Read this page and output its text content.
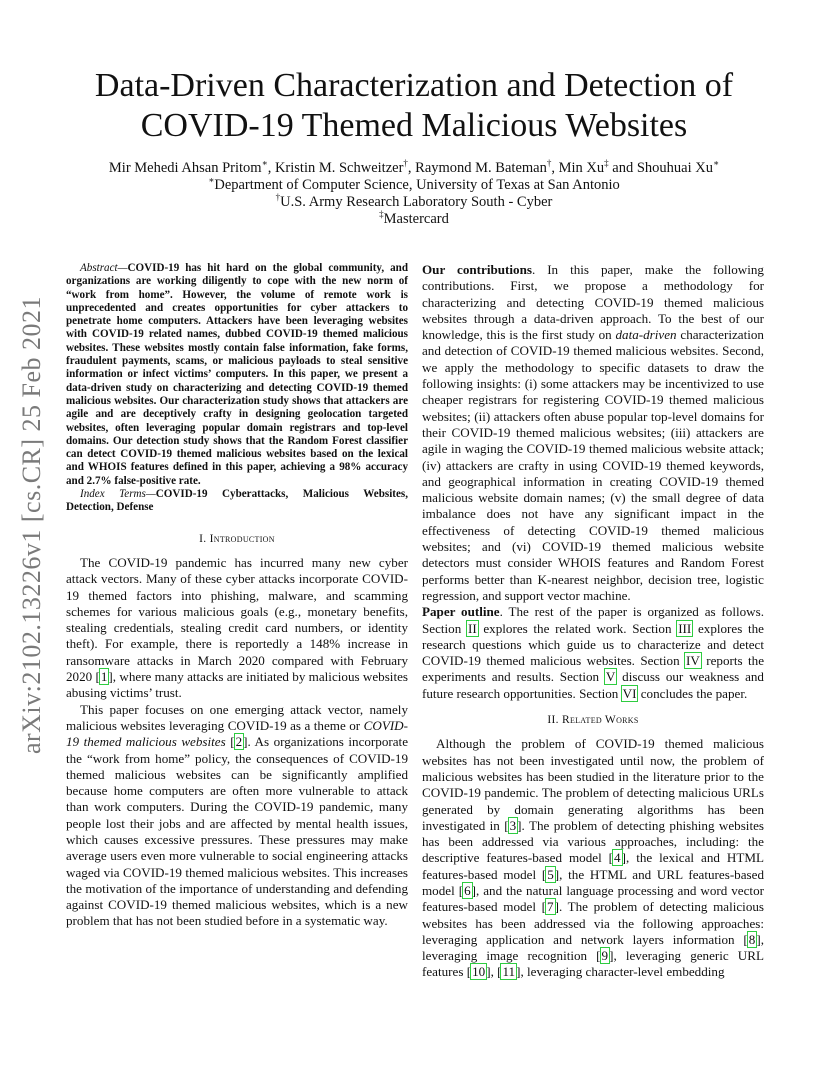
arXiv:2102.13226v1 [cs.CR] 25 Feb 2021
Data-Driven Characterization and Detection of COVID-19 Themed Malicious Websites
Mir Mehedi Ahsan Pritom∗, Kristin M. Schweitzer†, Raymond M. Bateman†, Min Xu‡ and Shouhuai Xu∗
∗Department of Computer Science, University of Texas at San Antonio
†U.S. Army Research Laboratory South - Cyber
‡Mastercard

Abstract—COVID-19 has hit hard on the global community, and organizations are working diligently to cope with the new norm of “work from home”. However, the volume of remote work is unprecedented and creates opportunities for cyber attackers to penetrate home computers. Attackers have been leveraging websites with COVID-19 related names, dubbed COVID-19 themed malicious websites. These websites mostly contain false information, fake forms, fraudulent payments, scams, or malicious payloads to steal sensitive information or infect victims’ computers. In this paper, we present a data-driven study on characterizing and detecting COVID-19 themed malicious websites. Our characterization study shows that attackers are agile and are deceptively crafty in designing geolocation targeted websites, often leveraging popular domain registrars and top-level domains. Our detection study shows that the Random Forest classifier can detect COVID-19 themed malicious websites based on the lexical and WHOIS features defined in this paper, achieving a 98% accuracy and 2.7% false-positive rate.

Index Terms—COVID-19 Cyberattacks, Malicious Websites, Detection, Defense

I. Introduction

The COVID-19 pandemic has incurred many new cyber attack vectors. Many of these cyber attacks incorporate COVID-19 themed factors into phishing, malware, and scamming schemes for various malicious goals (e.g., monetary benefits, stealing credentials, stealing credit card numbers, or identity theft). For example, there is reportedly a 148% increase in ransomware attacks in March 2020 compared with February 2020 [1], where many attacks are initiated by malicious websites abusing victims’ trust.

This paper focuses on one emerging attack vector, namely malicious websites leveraging COVID-19 as a theme or COVID-19 themed malicious websites [2]. As organizations incorporate the “work from home” policy, the consequences of COVID-19 themed malicious websites can be significantly amplified because home computers are often more vulnerable to attack than work computers. During the COVID-19 pandemic, many people lost their jobs and are affected by mental health issues, which causes excessive pressures. These pressures may make average users even more vulnerable to social engineering attacks waged via COVID-19 themed malicious websites. This increases the motivation of the importance of understanding and defending against COVID-19 themed malicious websites, which is a new problem that has not been studied before in a systematic way.

Our contributions. In this paper, make the following contributions. First, we propose a methodology for characterizing and detecting COVID-19 themed malicious websites through a data-driven approach. To the best of our knowledge, this is the first study on data-driven characterization and detection of COVID-19 themed malicious websites. Second, we apply the methodology to specific datasets to draw the following insights: (i) some attackers may be incentivized to use cheaper registrars for registering COVID-19 themed malicious websites; (ii) attackers often abuse popular top-level domains for their COVID-19 themed malicious websites; (iii) attackers are agile in waging the COVID-19 themed malicious website attack; (iv) attackers are crafty in using COVID-19 themed keywords, and geographical information in creating COVID-19 themed malicious website domain names; (v) the small degree of data imbalance does not have any significant impact in the effectiveness of detecting COVID-19 themed malicious websites; and (vi) COVID-19 themed malicious website detectors must consider WHOIS features and Random Forest performs better than K-nearest neighbor, decision tree, logistic regression, and support vector machine.

Paper outline. The rest of the paper is organized as follows. Section II explores the related work. Section III explores the research questions which guide us to characterize and detect COVID-19 themed malicious websites. Section IV reports the experiments and results. Section V discuss our weakness and future research opportunities. Section VI concludes the paper.

II. Related Works

Although the problem of COVID-19 themed malicious websites has not been investigated until now, the problem of malicious websites has been studied in the literature prior to the COVID-19 pandemic. The problem of detecting malicious URLs generated by domain generating algorithms has been investigated in [3]. The problem of detecting phishing websites has been addressed via various approaches, including: the descriptive features-based model [4], the lexical and HTML features-based model [5], the HTML and URL features-based model [6], and the natural language processing and word vector features-based model [7]. The problem of detecting malicious websites has been addressed via the following approaches: leveraging application and network layers information [8], leveraging image recognition [9], leveraging generic URL features [10], [11], leveraging character-level embedding
